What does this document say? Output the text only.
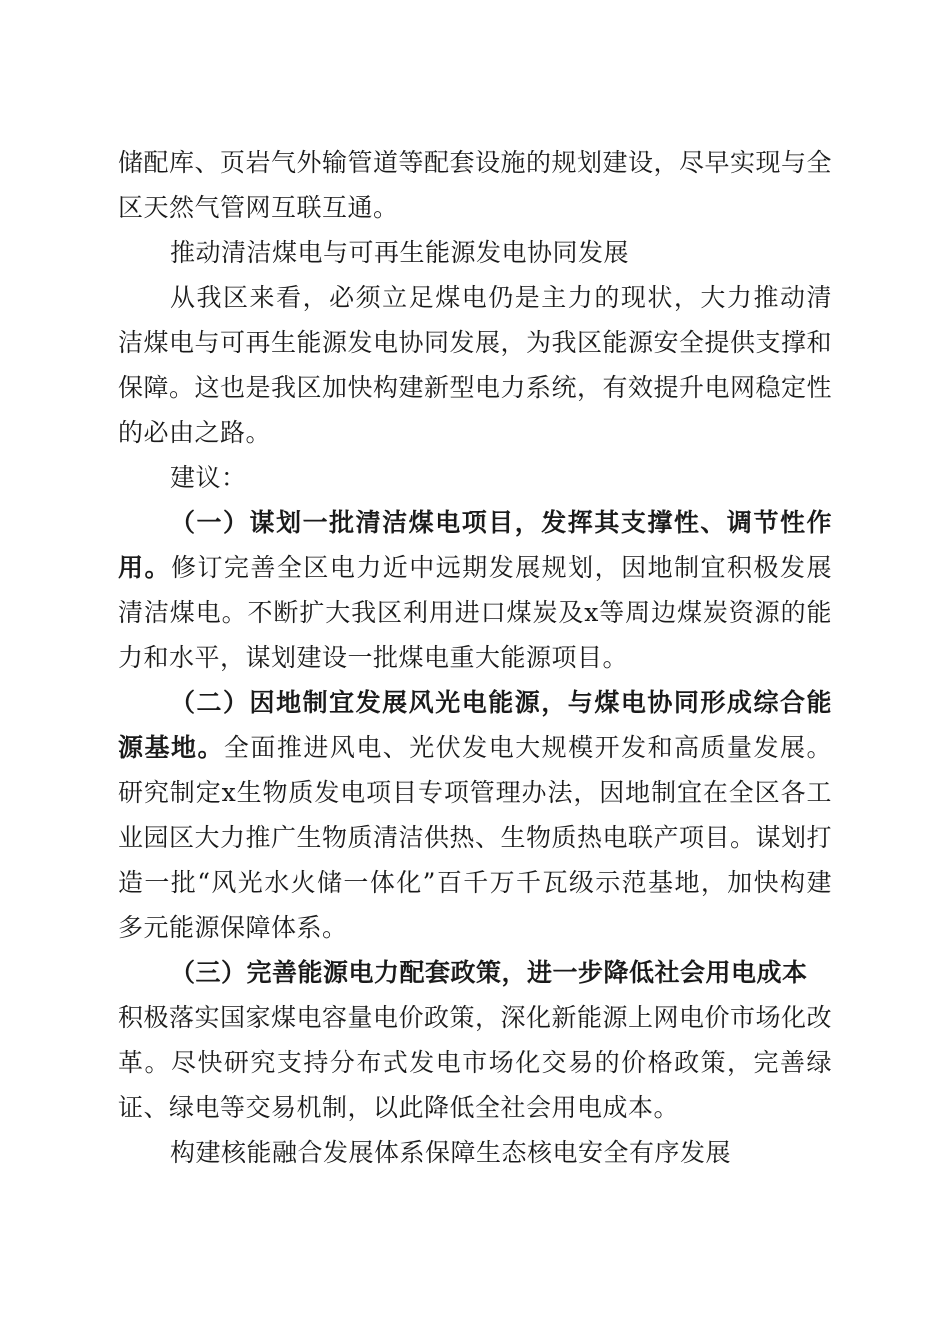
储配库、页岩气外输管道等配套设施的规划建设，尽早实现与全区天然气管网互联互通。

推动清洁煤电与可再生能源发电协同发展

从我区来看，必须立足煤电仍是主力的现状，大力推动清洁煤电与可再生能源发电协同发展，为我区能源安全提供支撑和保障。这也是我区加快构建新型电力系统，有效提升电网稳定性的必由之路。

建议：

（一）谋划一批清洁煤电项目，发挥其支撑性、调节性作用。修订完善全区电力近中远期发展规划，因地制宜积极发展清洁煤电。不断扩大我区利用进口煤炭及x等周边煤炭资源的能力和水平，谋划建设一批煤电重大能源项目。

（二）因地制宜发展风光电能源，与煤电协同形成综合能源基地。全面推进风电、光伏发电大规模开发和高质量发展。研究制定x生物质发电项目专项管理办法，因地制宜在全区各工业园区大力推广生物质清洁供热、生物质热电联产项目。谋划打造一批“风光水火储一体化”百千万千瓦级示范基地，加快构建多元能源保障体系。

（三）完善能源电力配套政策，进一步降低社会用电成本
积极落实国家煤电容量电价政策，深化新能源上网电价市场化改革。尽快研究支持分布式发电市场化交易的价格政策，完善绿证、绿电等交易机制，以此降低全社会用电成本。

构建核能融合发展体系保障生态核电安全有序发展
